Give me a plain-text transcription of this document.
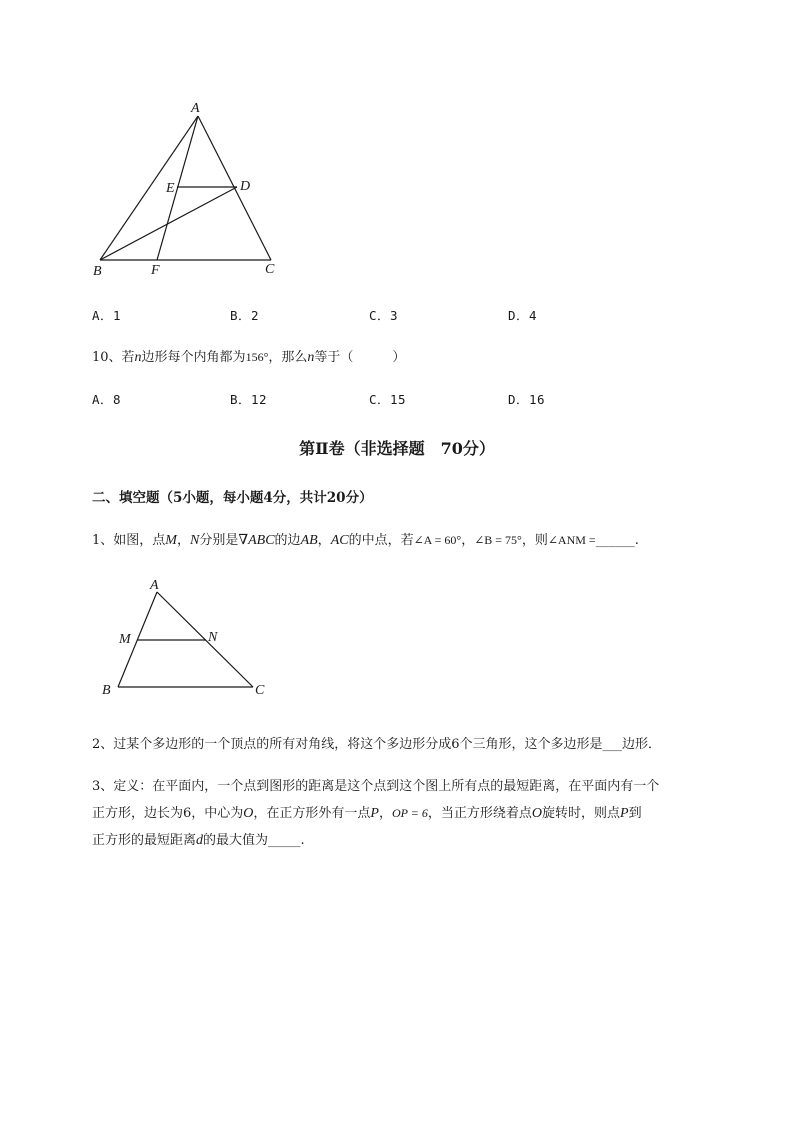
A
E	D
B	F	C
A．1	B．2	C．3	D．4
10、若n边形每个内角都为156°，那么n等于（　　　）
A．8	B．12	C．15	D．16
第Ⅱ卷（非选择题　70分）
二、填空题（5小题，每小题4分，共计20分）
1、如图，点M，N分别是∇ABC的边AB，AC的中点，若∠A = 60°，∠B = 75°，则∠ANM =______.
A
M	N
B	C
2、过某个多边形的一个顶点的所有对角线，将这个多边形分成6个三角形，这个多边形是___边形．
3、定义：在平面内，一个点到图形的距离是这个点到这个图上所有点的最短距离，在平面内有一个
正方形，边长为6，中心为O，在正方形外有一点P，OP = 6，当正方形绕着点O旋转时，则点P到
正方形的最短距离d的最大值为_____.
